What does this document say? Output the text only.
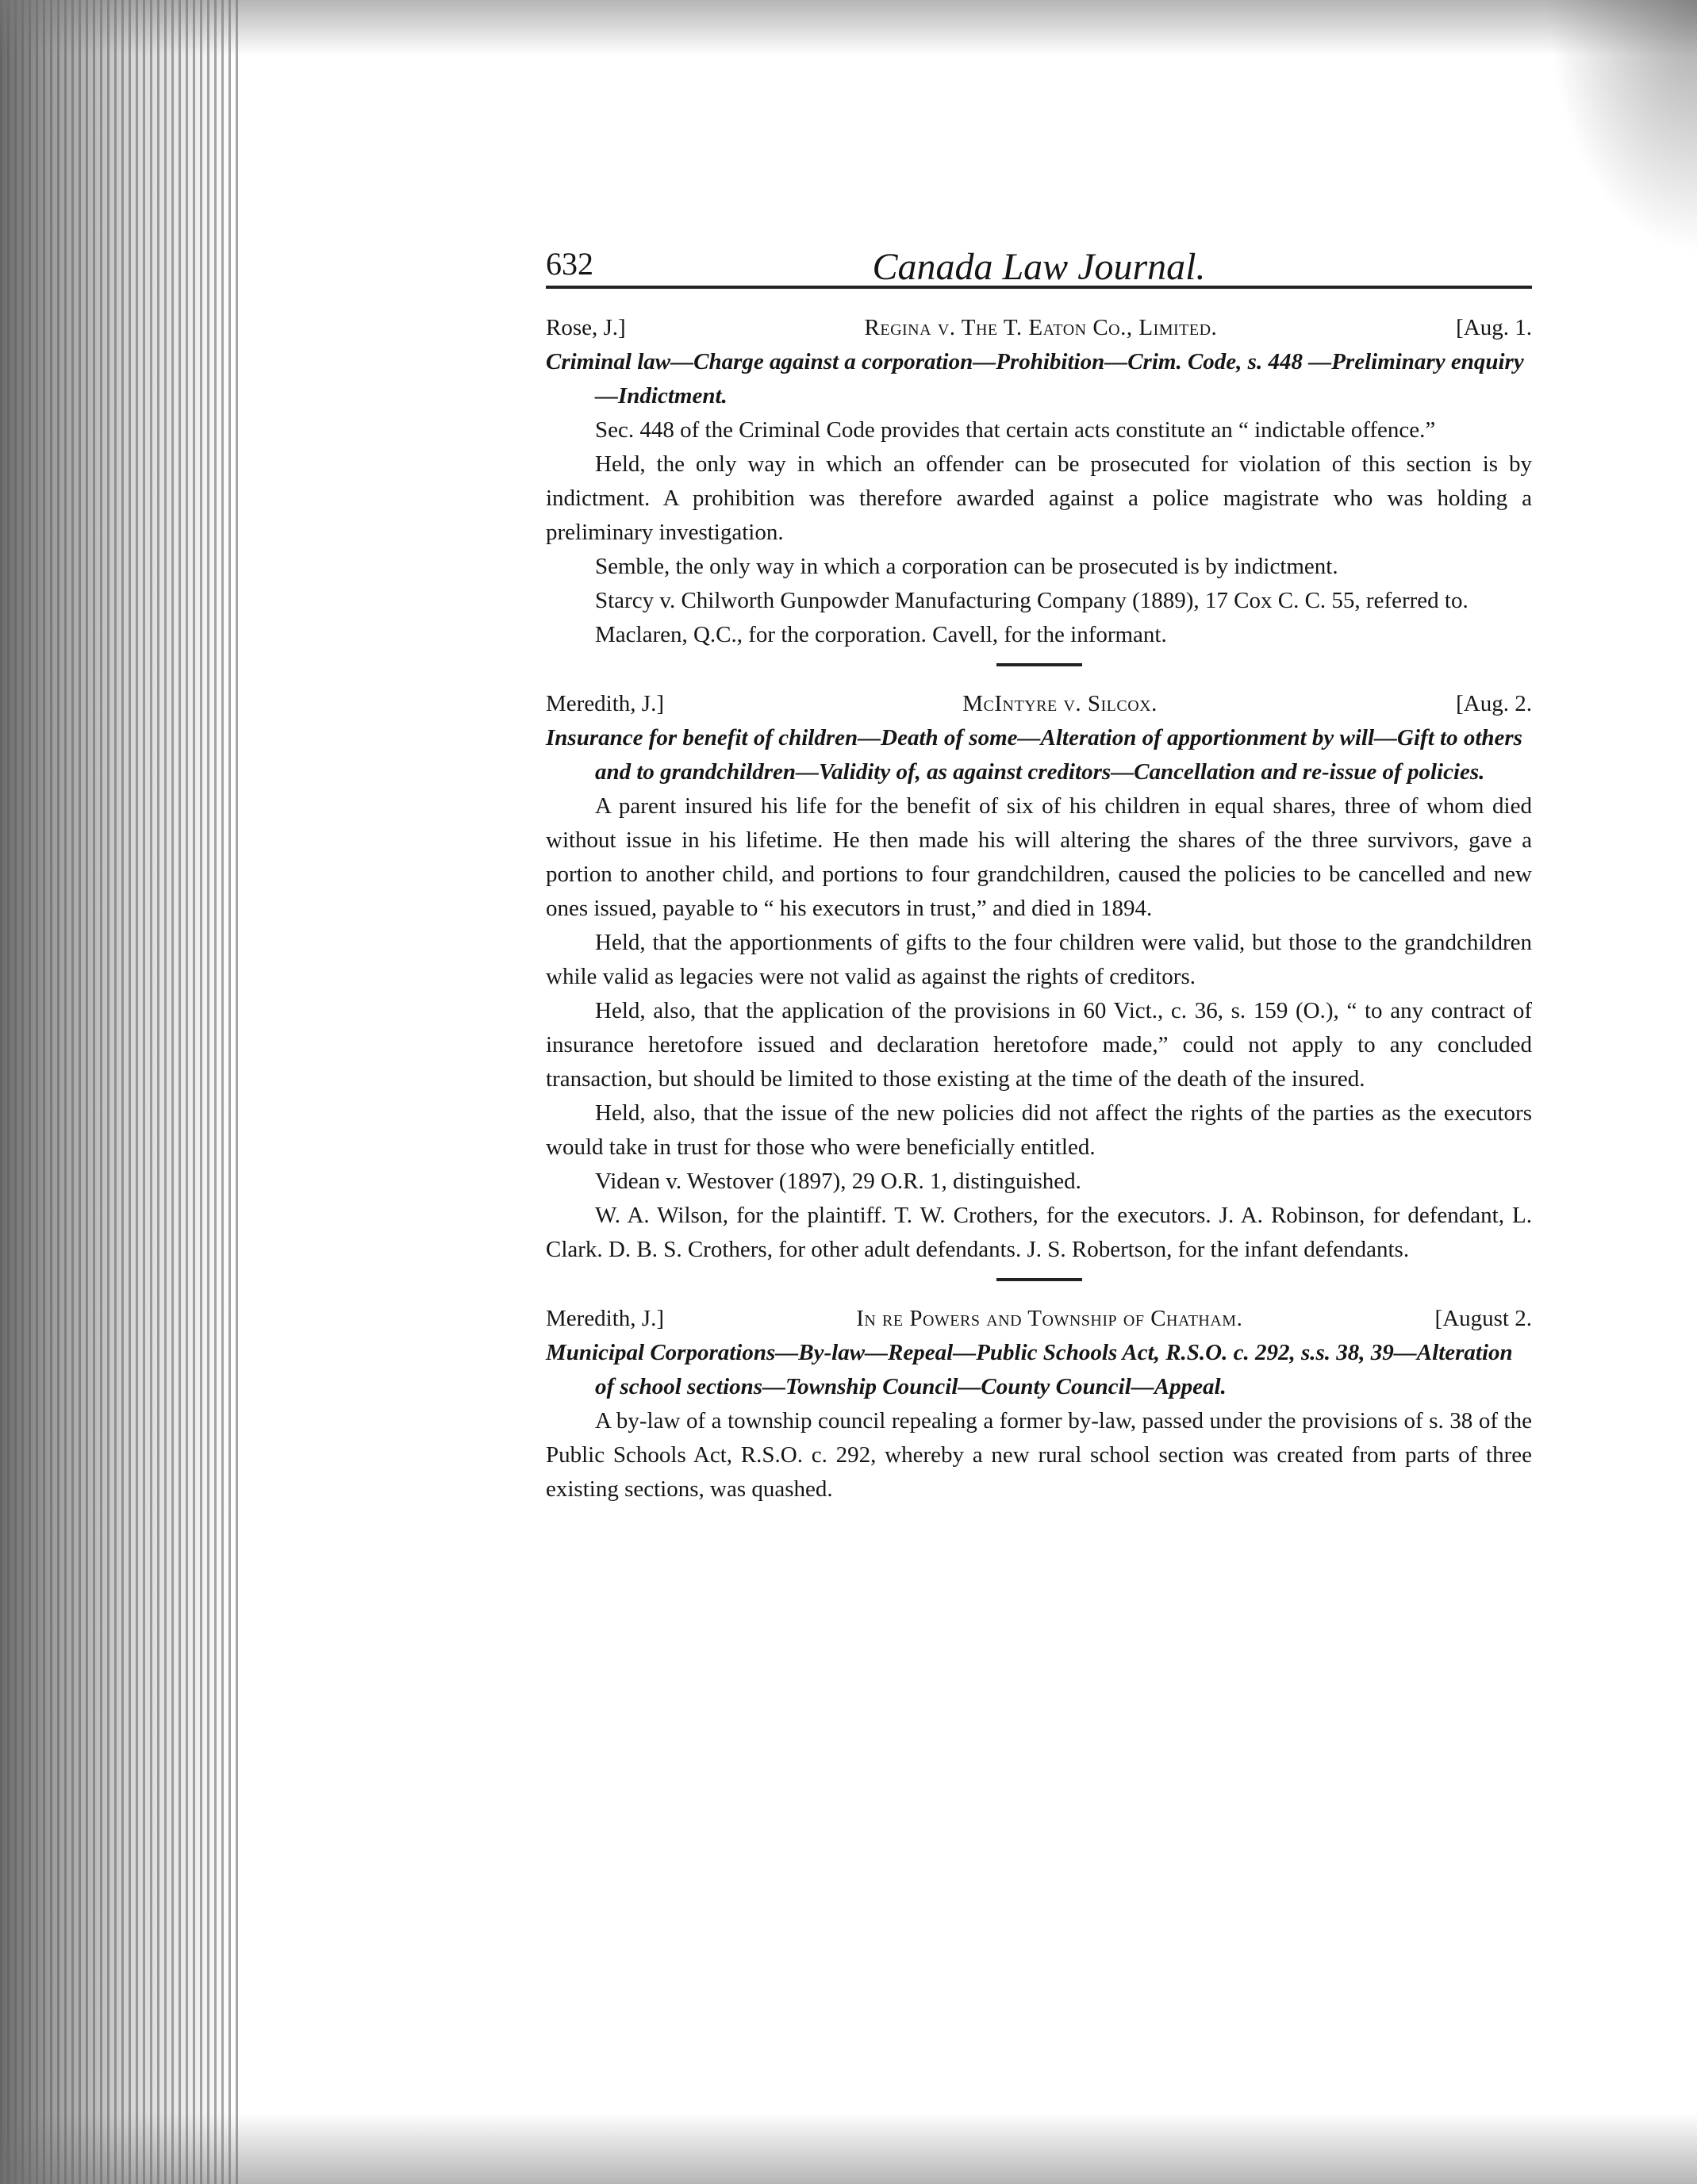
632	Canada Law Journal.
Rose, J.]	Regina v. The T. Eaton Co., Limited.	[Aug. 1.
Criminal law—Charge against a corporation—Prohibition—Crim. Code, s. 448 —Preliminary enquiry—Indictment.

Sec. 448 of the Criminal Code provides that certain acts constitute an “ indictable offence.”

Held, the only way in which an offender can be prosecuted for violation of this section is by indictment. A prohibition was therefore awarded against a police magistrate who was holding a preliminary investigation.

Semble, the only way in which a corporation can be prosecuted is by indictment.

Starcy v. Chilworth Gunpowder Manufacturing Company (1889), 17 Cox C. C. 55, referred to.

Maclaren, Q.C., for the corporation. Cavell, for the informant.

Meredith, J.]	McIntyre v. Silcox.	[Aug. 2.
Insurance for benefit of children—Death of some—Alteration of apportionment by will—Gift to others and to grandchildren—Validity of, as against creditors—Cancellation and re-issue of policies.

A parent insured his life for the benefit of six of his children in equal shares, three of whom died without issue in his lifetime. He then made his will altering the shares of the three survivors, gave a portion to another child, and portions to four grandchildren, caused the policies to be cancelled and new ones issued, payable to “ his executors in trust,” and died in 1894.

Held, that the apportionments of gifts to the four children were valid, but those to the grandchildren while valid as legacies were not valid as against the rights of creditors.

Held, also, that the application of the provisions in 60 Vict., c. 36, s. 159 (O.), “ to any contract of insurance heretofore issued and declaration heretofore made,” could not apply to any concluded transaction, but should be limited to those existing at the time of the death of the insured.

Held, also, that the issue of the new policies did not affect the rights of the parties as the executors would take in trust for those who were beneficially entitled.

Videan v. Westover (1897), 29 O.R. 1, distinguished.

W. A. Wilson, for the plaintiff. T. W. Crothers, for the executors. J. A. Robinson, for defendant, L. Clark. D. B. S. Crothers, for other adult defendants. J. S. Robertson, for the infant defendants.

Meredith, J.]	In re Powers and Township of Chatham.	[August 2.
Municipal Corporations—By-law—Repeal—Public Schools Act, R.S.O. c. 292, s.s. 38, 39—Alteration of school sections—Township Council—County Council—Appeal.

A by-law of a township council repealing a former by-law, passed under the provisions of s. 38 of the Public Schools Act, R.S.O. c. 292, whereby a new rural school section was created from parts of three existing sections, was quashed.
